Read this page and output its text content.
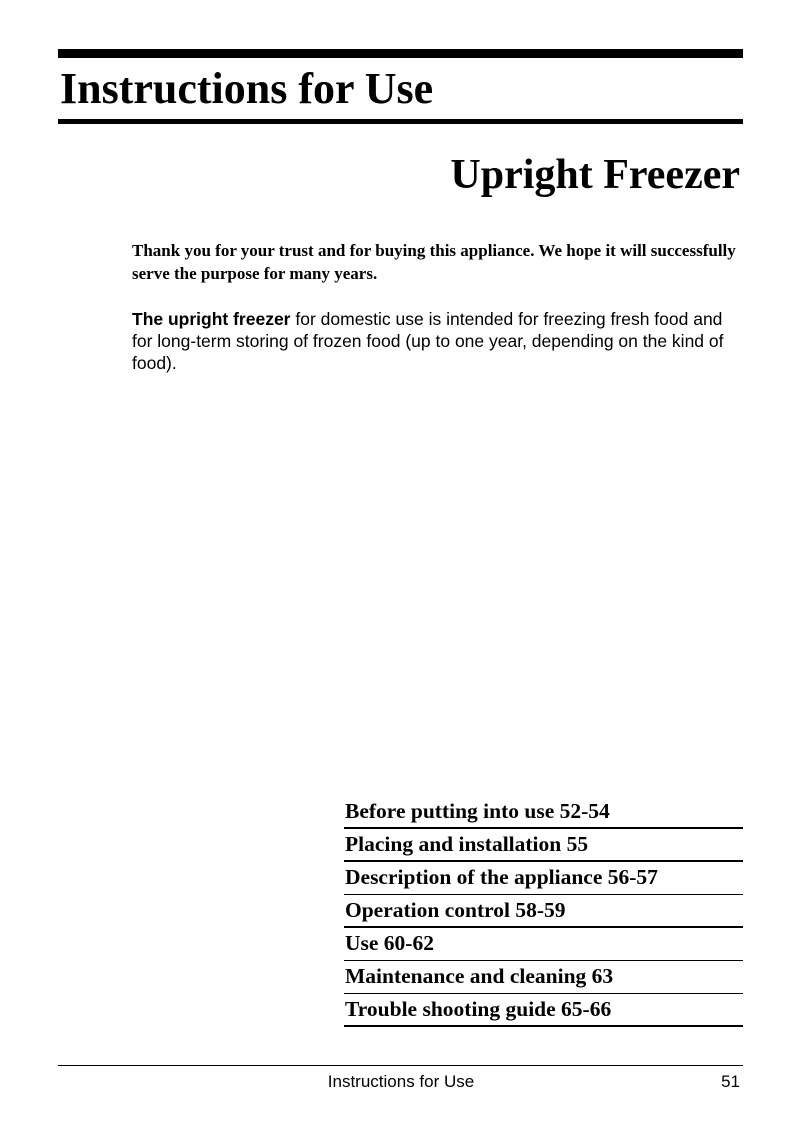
Instructions for Use
Upright Freezer

Thank you for your trust and for buying this appliance. We hope it will successfully serve the purpose for many years.

The upright freezer for domestic use is intended for freezing fresh food and for long-term storing of frozen food (up to one year, depending on the kind of food).

Before putting into use 52-54
Placing and installation 55
Description of the appliance 56-57
Operation control 58-59
Use 60-62
Maintenance and cleaning 63
Trouble shooting guide 65-66
Instructions for Use	51
